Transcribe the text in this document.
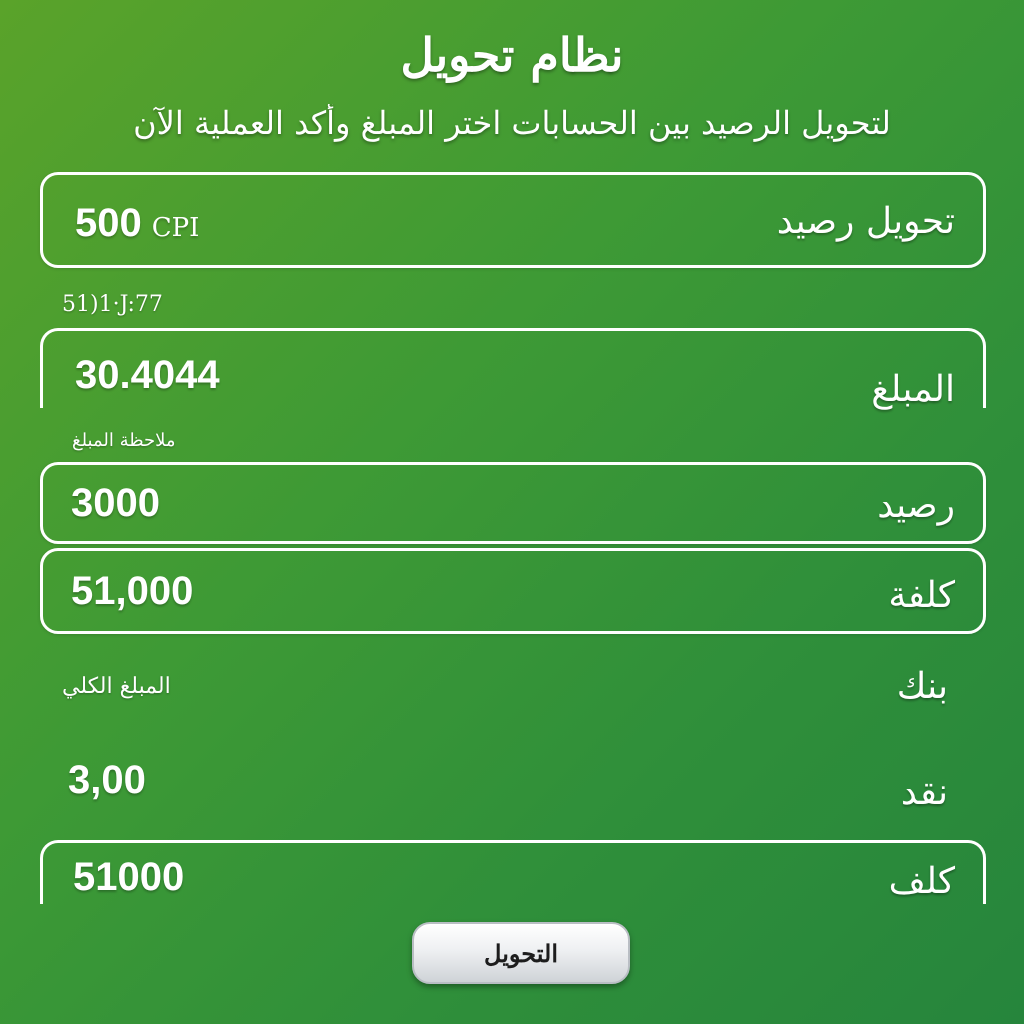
نظام تحويل
لتحويل الرصيد بين الحسابات اختر المبلغ وأكد العملية الآن
500 CPI	تحويل رصيد
51)1·J:77
30.4044	المبلغ
ملاحظة المبلغ
3000	رصيد
51,000	كلفة
المبلغ الكلي	بنك
3,00	نقد
51000	كلف
التحويل
